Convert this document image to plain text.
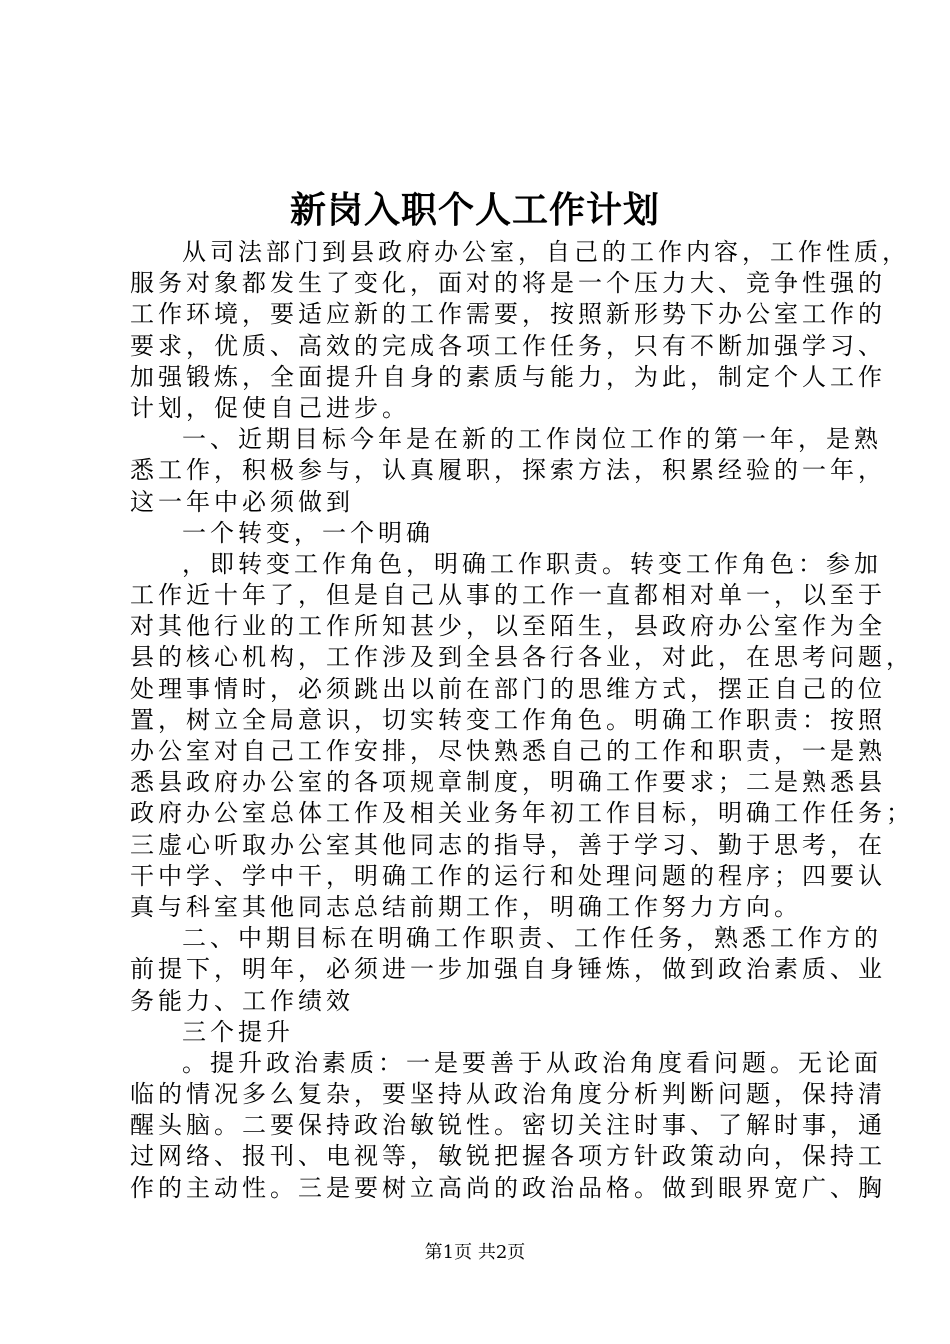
新岗入职个人工作计划
从司法部门到县政府办公室，自己的工作内容，工作性质，
服务对象都发生了变化，面对的将是一个压力大、竞争性强的
工作环境，要适应新的工作需要，按照新形势下办公室工作的
要求，优质、高效的完成各项工作任务，只有不断加强学习、
加强锻炼，全面提升自身的素质与能力，为此，制定个人工作
计划，促使自己进步。
一、近期目标今年是在新的工作岗位工作的第一年，是熟
悉工作，积极参与，认真履职，探索方法，积累经验的一年，
这一年中必须做到
一个转变，一个明确
，即转变工作角色，明确工作职责。转变工作角色：参加
工作近十年了，但是自己从事的工作一直都相对单一，以至于
对其他行业的工作所知甚少，以至陌生，县政府办公室作为全
县的核心机构，工作涉及到全县各行各业，对此，在思考问题，
处理事情时，必须跳出以前在部门的思维方式，摆正自己的位
置，树立全局意识，切实转变工作角色。明确工作职责：按照
办公室对自己工作安排，尽快熟悉自己的工作和职责，一是熟
悉县政府办公室的各项规章制度，明确工作要求；二是熟悉县
政府办公室总体工作及相关业务年初工作目标，明确工作任务；
三虚心听取办公室其他同志的指导，善于学习、勤于思考，在
干中学、学中干，明确工作的运行和处理问题的程序；四要认
真与科室其他同志总结前期工作，明确工作努力方向。
二、中期目标在明确工作职责、工作任务，熟悉工作方的
前提下，明年，必须进一步加强自身锤炼，做到政治素质、业
务能力、工作绩效
三个提升
。提升政治素质：一是要善于从政治角度看问题。无论面
临的情况多么复杂，要坚持从政治角度分析判断问题，保持清
醒头脑。二要保持政治敏锐性。密切关注时事、了解时事，通
过网络、报刊、电视等，敏锐把握各项方针政策动向，保持工
作的主动性。三是要树立高尚的政治品格。做到眼界宽广、胸
第1页 共2页
